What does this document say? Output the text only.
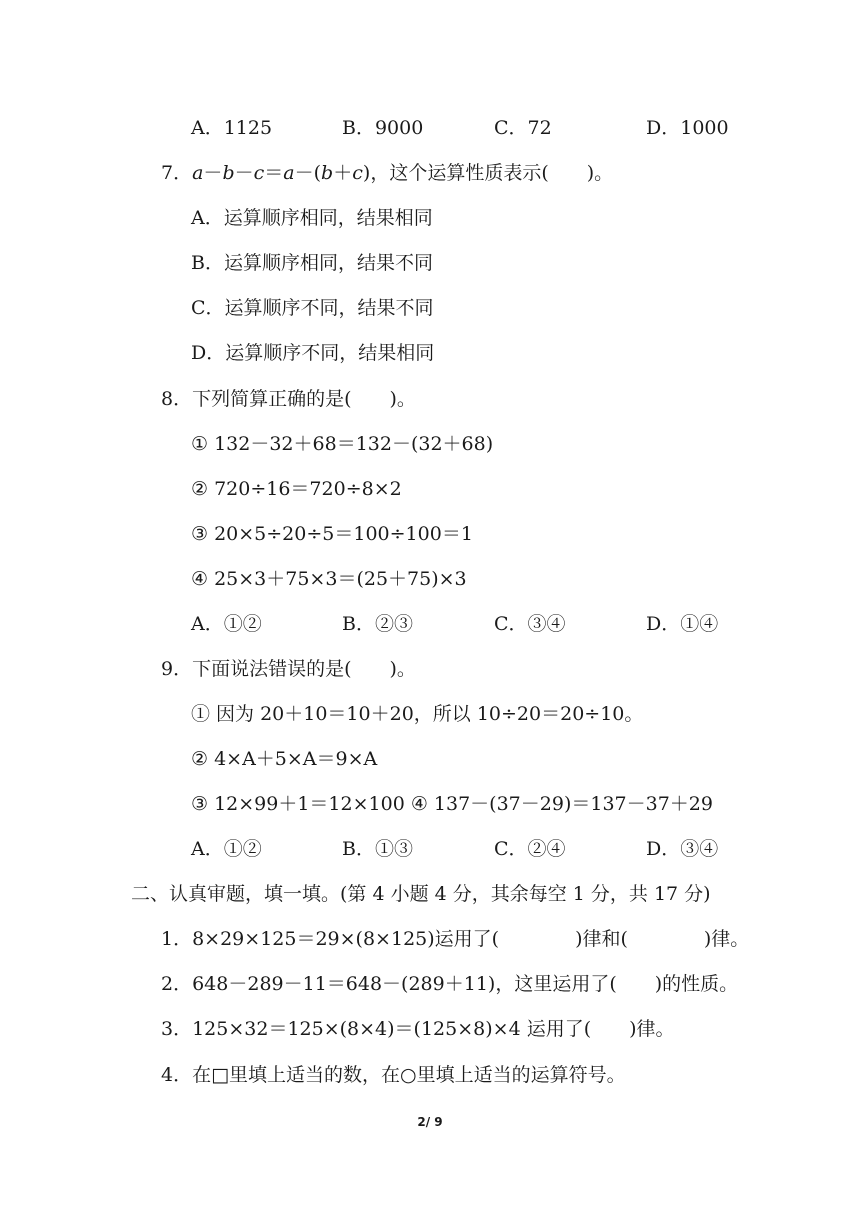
A．1125	B．9000	C．72	D．1000
7．a－b－c＝a－(b＋c)，这个运算性质表示(　　)。
A．运算顺序相同，结果相同
B．运算顺序相同，结果不同
C．运算顺序不同，结果不同
D．运算顺序不同，结果相同
8．下列简算正确的是(　　)。
① 132－32＋68＝132－(32＋68)
② 720÷16＝720÷8×2
③ 20×5÷20÷5＝100÷100＝1
④ 25×3＋75×3＝(25＋75)×3
A．①②	B．②③	C．③④	D．①④
9．下面说法错误的是(　　)。
① 因为 20＋10＝10＋20，所以 10÷20＝20÷10。
② 4×A＋5×A＝9×A
③ 12×99＋1＝12×100 ④ 137－(37－29)＝137－37＋29
A．①②	B．①③	C．②④	D．③④
二、认真审题，填一填。(第 4 小题 4 分，其余每空 1 分，共 17 分)
1．8×29×125＝29×(8×125)运用了(　　　　)律和(　　　　)律。
2．648－289－11＝648－(289＋11)，这里运用了(　　)的性质。
3．125×32＝125×(8×4)＝(125×8)×4 运用了(　　)律。
4．在□里填上适当的数，在○里填上适当的运算符号。
2/ 9
